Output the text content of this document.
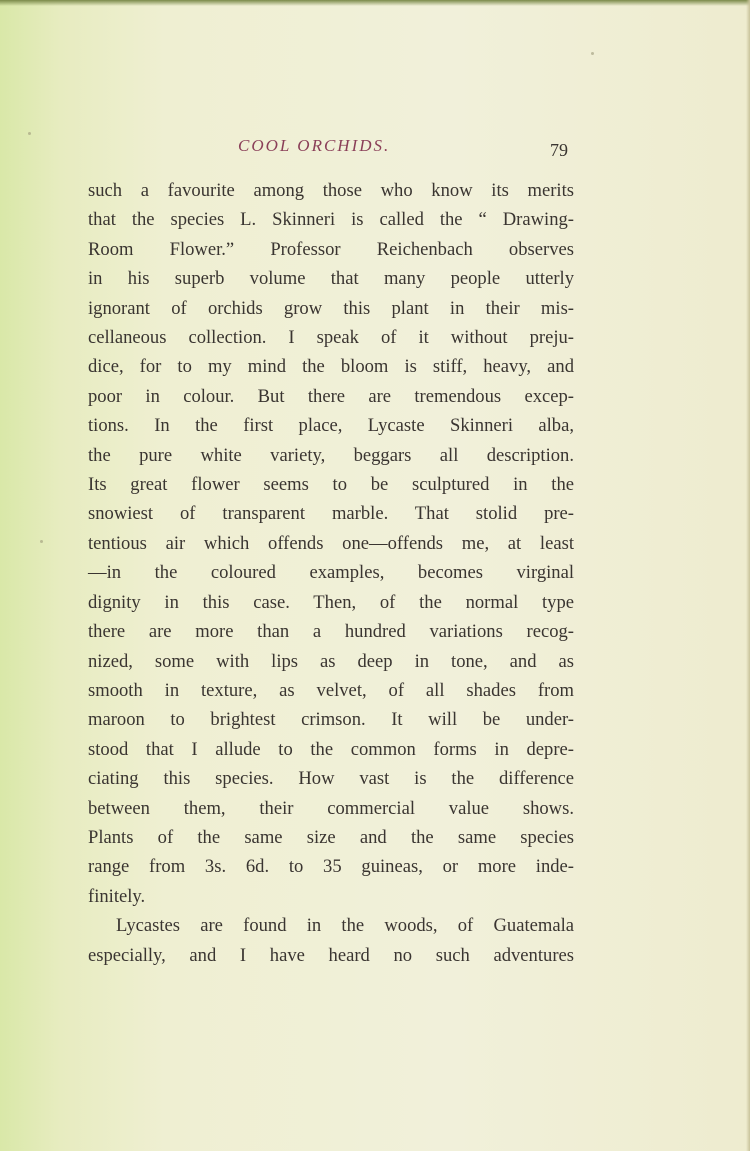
COOL ORCHIDS.	79
such a favourite among those who know its merits
that the species L. Skinneri is called the “ Drawing-
Room Flower.” Professor Reichenbach observes
in his superb volume that many people utterly
ignorant of orchids grow this plant in their mis-
cellaneous collection. I speak of it without preju-
dice, for to my mind the bloom is stiff, heavy, and
poor in colour. But there are tremendous excep-
tions. In the first place, Lycaste Skinneri alba,
the pure white variety, beggars all description.
Its great flower seems to be sculptured in the
snowiest of transparent marble. That stolid pre-
tentious air which offends one—offends me, at least
—in the coloured examples, becomes virginal
dignity in this case. Then, of the normal type
there are more than a hundred variations recog-
nized, some with lips as deep in tone, and as
smooth in texture, as velvet, of all shades from
maroon to brightest crimson. It will be under-
stood that I allude to the common forms in depre-
ciating this species. How vast is the difference
between them, their commercial value shows.
Plants of the same size and the same species
range from 3s. 6d. to 35 guineas, or more inde-
finitely.
Lycastes are found in the woods, of Guatemala
especially, and I have heard no such adventures
